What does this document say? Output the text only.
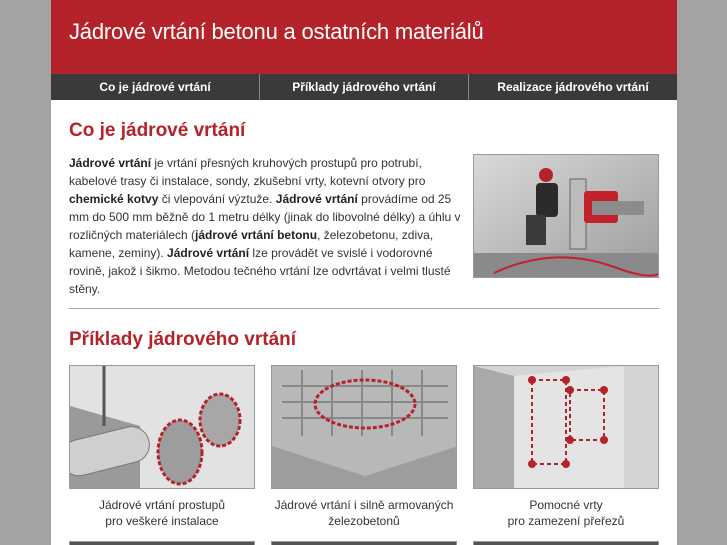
Jádrové vrtání betonu a ostatních materiálů
Co je jádrové vrtání	Příklady jádrového vrtání	Realizace jádrového vrtání
Co je jádrové vrtání

Jádrové vrtání je vrtání přesných kruhových prostupů pro potrubí, kabelové trasy či instalace, sondy, zkušební vrty, kotevní otvory pro chemické kotvy či vlepování výztuže. Jádrové vrtání provádíme od 25 mm do 500 mm běžně do 1 metru délky (jinak do libovolné délky) a úhlu v rozličných materiálech (jádrové vrtání betonu, železobetonu, zdiva, kamene, zeminy). Jádrové vrtání lze provádět ve svislé i vodorovné rovině, jakož i šikmo. Metodou tečného vrtání lze odvrtávat i velmi tlusté stěny.

Příklady jádrového vrtání
Jádrové vrtání prostupů
pro veškeré instalace
Jádrové vrtání i silně armovaných
železobetonů
Pomocné vrty
pro zamezení přeřezů
